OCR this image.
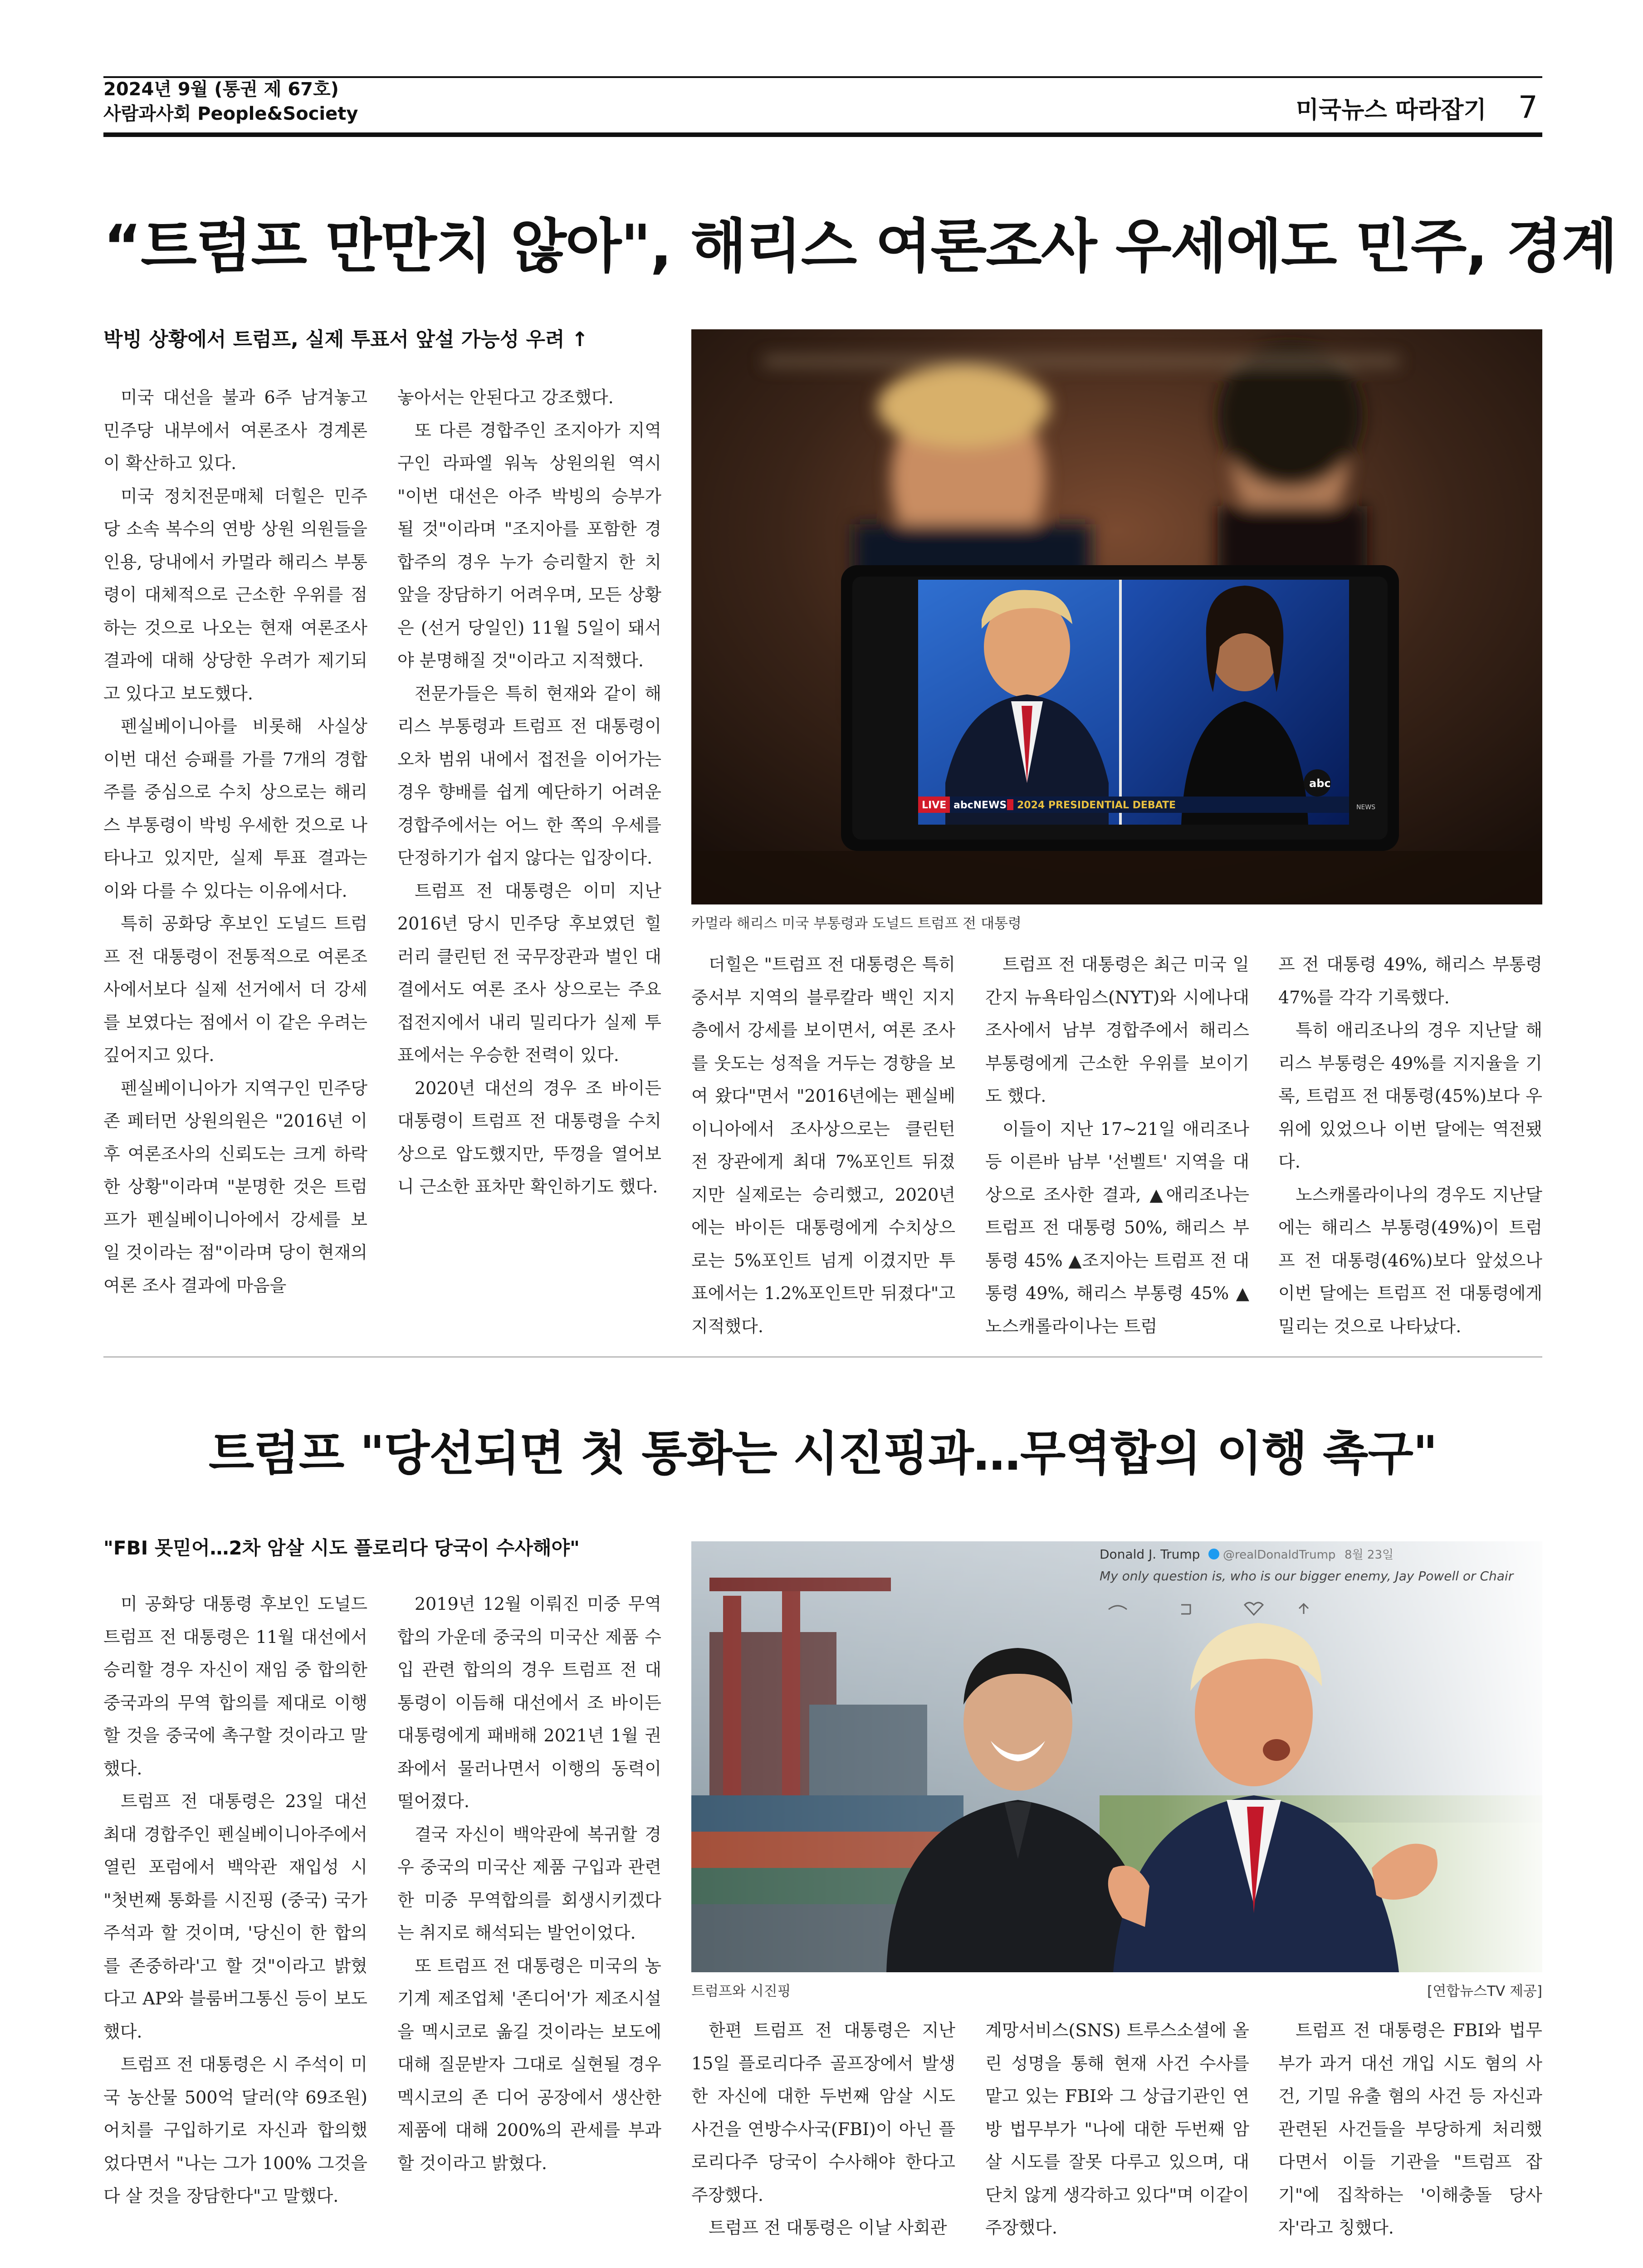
2024년 9월 (통권 제 67호)
사람과사회 People&Society	미국뉴스 따라잡기 7
“트럼프 만만치 않아", 해리스 여론조사 우세에도 민주, 경계
박빙 상황에서 트럼프, 실제 투표서 앞설 가능성 우려 ↑

미국 대선을 불과 6주 남겨놓고 민주당 내부에서 여론조사 경계론이 확산하고 있다.

미국 정치전문매체 더힐은 민주당 소속 복수의 연방 상원 의원들을 인용, 당내에서 카멀라 해리스 부통령이 대체적으로 근소한 우위를 점하는 것으로 나오는 현재 여론조사 결과에 대해 상당한 우려가 제기되고 있다고 보도했다.

펜실베이니아를 비롯해 사실상 이번 대선 승패를 가를 7개의 경합주를 중심으로 수치 상으로는 해리스 부통령이 박빙 우세한 것으로 나타나고 있지만, 실제 투표 결과는 이와 다를 수 있다는 이유에서다.

특히 공화당 후보인 도널드 트럼프 전 대통령이 전통적으로 여론조사에서보다 실제 선거에서 더 강세를 보였다는 점에서 이 같은 우려는 깊어지고 있다.

펜실베이니아가 지역구인 민주당 존 페터먼 상원의원은 "2016년 이후 여론조사의 신뢰도는 크게 하락한 상황"이라며 "분명한 것은 트럼프가 펜실베이니아에서 강세를 보일 것이라는 점"이라며 당이 현재의 여론 조사 결과에 마음을

놓아서는 안된다고 강조했다.

또 다른 경합주인 조지아가 지역구인 라파엘 워녹 상원의원 역시 "이번 대선은 아주 박빙의 승부가 될 것"이라며 "조지아를 포함한 경합주의 경우 누가 승리할지 한 치 앞을 장담하기 어려우며, 모든 상황은 (선거 당일인) 11월 5일이 돼서야 분명해질 것"이라고 지적했다.

전문가들은 특히 현재와 같이 해리스 부통령과 트럼프 전 대통령이 오차 범위 내에서 접전을 이어가는 경우 향배를 쉽게 예단하기 어려운 경합주에서는 어느 한 쪽의 우세를 단정하기가 쉽지 않다는 입장이다.

트럼프 전 대통령은 이미 지난 2016년 당시 민주당 후보였던 힐러리 클린턴 전 국무장관과 벌인 대결에서도 여론 조사 상으로는 주요 접전지에서 내리 밀리다가 실제 투표에서는 우승한 전력이 있다.

2020년 대선의 경우 조 바이든 대통령이 트럼프 전 대통령을 수치 상으로 압도했지만, 뚜껑을 열어보니 근소한 표차만 확인하기도 했다.

LIVE abcNEWS 2024 PRESIDENTIAL DEBATE
abc
NEWS
카멀라 해리스 미국 부통령과 도널드 트럼프 전 대통령

더힐은 "트럼프 전 대통령은 특히 중서부 지역의 블루칼라 백인 지지층에서 강세를 보이면서, 여론 조사를 웃도는 성적을 거두는 경향을 보여 왔다"면서 "2016년에는 펜실베이니아에서 조사상으로는 클린턴 전 장관에게 최대 7%포인트 뒤졌지만 실제로는 승리했고, 2020년에는 바이든 대통령에게 수치상으로는 5%포인트 넘게 이겼지만 투표에서는 1.2%포인트만 뒤졌다"고 지적했다.

트럼프 전 대통령은 최근 미국 일간지 뉴욕타임스(NYT)와 시에나대 조사에서 남부 경합주에서 해리스 부통령에게 근소한 우위를 보이기도 했다.

이들이 지난 17~21일 애리조나 등 이른바 남부 '선벨트' 지역을 대상으로 조사한 결과, ▲애리조나는 트럼프 전 대통령 50%, 해리스 부통령 45% ▲조지아는 트럼프 전 대통령 49%, 해리스 부통령 45% ▲노스캐롤라이나는 트럼

프 전 대통령 49%, 해리스 부통령 47%를 각각 기록했다.

특히 애리조나의 경우 지난달 해리스 부통령은 49%를 지지율을 기록, 트럼프 전 대통령(45%)보다 우위에 있었으나 이번 달에는 역전됐다.

노스캐롤라이나의 경우도 지난달에는 해리스 부통령(49%)이 트럼프 전 대통령(46%)보다 앞섰으나 이번 달에는 트럼프 전 대통령에게 밀리는 것으로 나타났다.

트럼프 "당선되면 첫 통화는 시진핑과…무역합의 이행 촉구"
"FBI 못믿어…2차 암살 시도 플로리다 당국이 수사해야"

미 공화당 대통령 후보인 도널드 트럼프 전 대통령은 11월 대선에서 승리할 경우 자신이 재임 중 합의한 중국과의 무역 합의를 제대로 이행할 것을 중국에 촉구할 것이라고 말했다.

트럼프 전 대통령은 23일 대선 최대 경합주인 펜실베이니아주에서 열린 포럼에서 백악관 재입성 시 "첫번째 통화를 시진핑 (중국) 국가주석과 할 것이며, '당신이 한 합의를 존중하라'고 할 것"이라고 밝혔다고 AP와 블룸버그통신 등이 보도했다.

트럼프 전 대통령은 시 주석이 미국 농산물 500억 달러(약 69조원) 어치를 구입하기로 자신과 합의했었다면서 "나는 그가 100% 그것을 다 살 것을 장담한다"고 말했다.

2019년 12월 이뤄진 미중 무역합의 가운데 중국의 미국산 제품 수입 관련 합의의 경우 트럼프 전 대통령이 이듬해 대선에서 조 바이든 대통령에게 패배해 2021년 1월 권좌에서 물러나면서 이행의 동력이 떨어졌다.

결국 자신이 백악관에 복귀할 경우 중국의 미국산 제품 구입과 관련한 미중 무역합의를 회생시키겠다는 취지로 해석되는 발언이었다.

또 트럼프 전 대통령은 미국의 농기계 제조업체 '존디어'가 제조시설을 멕시코로 옮길 것이라는 보도에 대해 질문받자 그대로 실현될 경우 멕시코의 존 디어 공장에서 생산한 제품에 대해 200%의 관세를 부과할 것이라고 밝혔다.

Donald J. Trump @realDonaldTrump 8월 23일
My only question is, who is our bigger enemy, Jay Powell or Chair
트럼프와 시진핑	[연합뉴스TV 제공]

한편 트럼프 전 대통령은 지난 15일 플로리다주 골프장에서 발생한 자신에 대한 두번째 암살 시도 사건을 연방수사국(FBI)이 아닌 플로리다주 당국이 수사해야 한다고 주장했다.

트럼프 전 대통령은 이날 사회관

계망서비스(SNS) 트루스소셜에 올린 성명을 통해 현재 사건 수사를 맡고 있는 FBI와 그 상급기관인 연방 법무부가 "나에 대한 두번째 암살 시도를 잘못 다루고 있으며, 대단치 않게 생각하고 있다"며 이같이 주장했다.

트럼프 전 대통령은 FBI와 법무부가 과거 대선 개입 시도 혐의 사건, 기밀 유출 혐의 사건 등 자신과 관련된 사건들을 부당하게 처리했다면서 이들 기관을 "트럼프 잡기"에 집착하는 '이해충돌 당사자'라고 칭했다.
